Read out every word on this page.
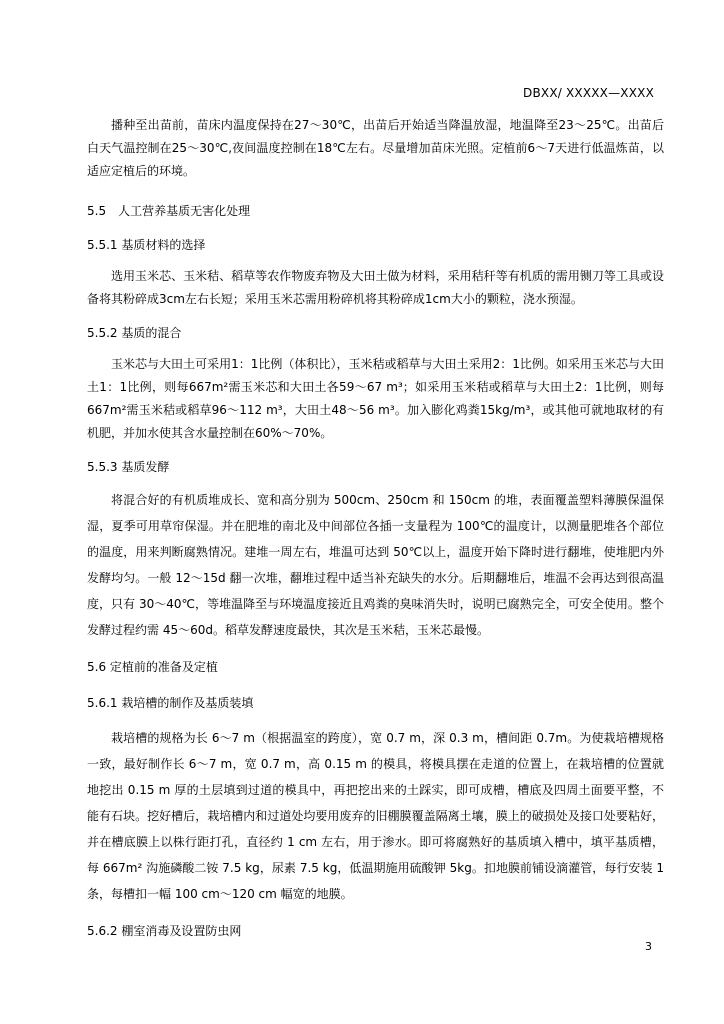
DBXX/ XXXXX—XXXX

播种至出苗前，苗床内温度保持在27～30℃，出苗后开始适当降温放湿，地温降至23～25℃。出苗后白天气温控制在25～30℃,夜间温度控制在18℃左右。尽量增加苗床光照。定植前6～7天进行低温炼苗，以适应定植后的环境。

5.5　人工营养基质无害化处理

5.5.1 基质材料的选择

选用玉米芯、玉米秸、稻草等农作物废弃物及大田土做为材料，采用秸秆等有机质的需用铡刀等工具或设备将其粉碎成3cm左右长短；采用玉米芯需用粉碎机将其粉碎成1cm大小的颗粒，浇水预湿。

5.5.2 基质的混合

玉米芯与大田土可采用1：1比例（体积比），玉米秸或稻草与大田土采用2：1比例。如采用玉米芯与大田土1：1比例，则每667m²需玉米芯和大田土各59～67 m³；如采用玉米秸或稻草与大田土2：1比例，则每667m²需玉米秸或稻草96～112 m³，大田土48～56 m³。加入膨化鸡粪15kg/m³，或其他可就地取材的有机肥，并加水使其含水量控制在60%～70%。

5.5.3 基质发酵

将混合好的有机质堆成长、宽和高分别为 500cm、250cm 和 150cm 的堆，表面覆盖塑料薄膜保温保湿，夏季可用草帘保湿。并在肥堆的南北及中间部位各插一支量程为 100℃的温度计，以测量肥堆各个部位的温度，用来判断腐熟情况。建堆一周左右，堆温可达到 50℃以上，温度开始下降时进行翻堆，使堆肥内外发酵均匀。一般 12～15d 翻一次堆，翻堆过程中适当补充缺失的水分。后期翻堆后，堆温不会再达到很高温度，只有 30～40℃，等堆温降至与环境温度接近且鸡粪的臭味消失时，说明已腐熟完全，可安全使用。整个发酵过程约需 45～60d。稻草发酵速度最快，其次是玉米秸，玉米芯最慢。

5.6 定植前的准备及定植

5.6.1 栽培槽的制作及基质装填

栽培槽的规格为长 6～7 m（根据温室的跨度），宽 0.7 m，深 0.3 m，槽间距 0.7m。为使栽培槽规格一致，最好制作长 6～7 m，宽 0.7 m，高 0.15 m 的模具，将模具摆在走道的位置上，在栽培槽的位置就地挖出 0.15 m 厚的土层填到过道的模具中，再把挖出来的土踩实，即可成槽，槽底及四周土面要平整，不能有石块。挖好槽后，栽培槽内和过道处均要用废弃的旧棚膜覆盖隔离土壤，膜上的破损处及接口处要粘好，并在槽底膜上以株行距打孔，直径约 1 cm 左右，用于渗水。即可将腐熟好的基质填入槽中，填平基质槽，每 667m² 沟施磷酸二铵 7.5 kg，尿素 7.5 kg，低温期施用硫酸钾 5kg。扣地膜前铺设滴灌管，每行安装 1 条，每槽扣一幅 100 cm～120 cm 幅宽的地膜。

5.6.2 棚室消毒及设置防虫网

3
